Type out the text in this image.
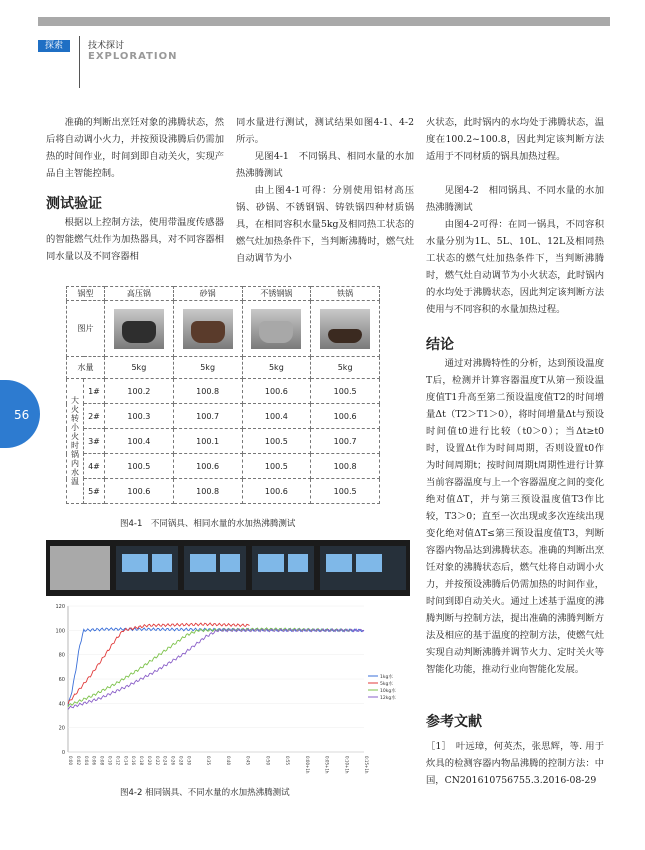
探索	技术探讨
EXPLORATION
56

准确的判断出烹饪对象的沸腾状态，然后将自动调小火力，并按预设沸腾后仍需加热的时间作业，时间到即自动关火，实现产品自主智能控制。

测试验证

根据以上控制方法，使用带温度传感器的智能燃气灶作为加热器具，对不同容器相同水量以及不同容器相

同水量进行测试，测试结果如图4-1、4-2所示。

见图4-1　不同锅具、相同水量的水加热沸腾测试

由上图4-1可得：分别使用铝材高压锅、砂锅、不锈钢锅、铸铁锅四种材质锅具，在相同容积水量5kg及相同热工状态的燃气灶加热条件下，当判断沸腾时，燃气灶自动调节为小

火状态，此时锅内的水均处于沸腾状态，温度在100.2~100.8，因此判定该判断方法适用于不同材质的锅具加热过程。

见图4-2　相同锅具、不同水量的水加热沸腾测试

由图4-2可得：在同一锅具，不同容积水量分别为1L、5L、10L、12L及相同热工状态的燃气灶加热条件下，当判断沸腾时，燃气灶自动调节为小火状态，此时锅内的水均处于沸腾状态，因此判定该判断方法使用与不同容积的水量加热过程。

结论

通过对沸腾特性的分析，达到预设温度T后，检测并计算容器温度T从第一预设温度值T1升高至第二预设温度值T2的时间增量Δt（T2＞T1＞0），将时间增量Δt与预设时间值t0进行比较（t0＞0）；当Δt≥t0时，设置Δt作为时间周期，否则设置t0作为时间周期t；按时间周期t周期性进行计算当前容器温度与上一个容器温度之间的变化绝对值ΔT，并与第三预设温度值T3作比较，T3＞0；直至一次出现或多次连续出现变化绝对值ΔT≤第三预设温度值T3，判断容器内物品达到沸腾状态。准确的判断出烹饪对象的沸腾状态后，燃气灶将自动调小火力，并按预设沸腾后仍需加热的时间作业，时间到即自动关火。通过上述基于温度的沸腾判断与控制方法，提出准确的沸腾判断方法及相应的基于温度的控制方法，使燃气灶实现自动判断沸腾并调节火力、定时关火等智能化功能，推动行业向智能化发展。

参考文献

［1］　叶远璋，何英杰，张思辉，等. 用于炊具的检测容器内物品沸腾的控制方法：中国，CN201610756755.3.2016-08-29

锅型		高压锅	砂锅	不锈钢锅	铁锅
图片		

水量		5kg	5kg	5kg	5kg
大火转小火时锅内水温	1#	100.2	100.8	100.6	100.5
	2#	100.3	100.7	100.4	100.6
	3#	100.4	100.1	100.5	100.7
	4#	100.5	100.6	100.5	100.8
	5#	100.6	100.8	100.6	100.5
图4-1　不同锅具、相同水量的水加热沸腾测试
0
20
40
60
80
100
120
0:00 0:02 0:04 0:06 0:08 0:10 0:12 0:14 0:16 0:18 0:20 0:22 0:24 0:26 0:28 0:30	0:35	0:40	0:45	0:50	0:55	0:00+1h	0:05+1h	0:10+1h	0:15+1h
1kg水
5kg水
10kg水
12kg水
图4-2 相同锅具、不同水量的水加热沸腾测试
